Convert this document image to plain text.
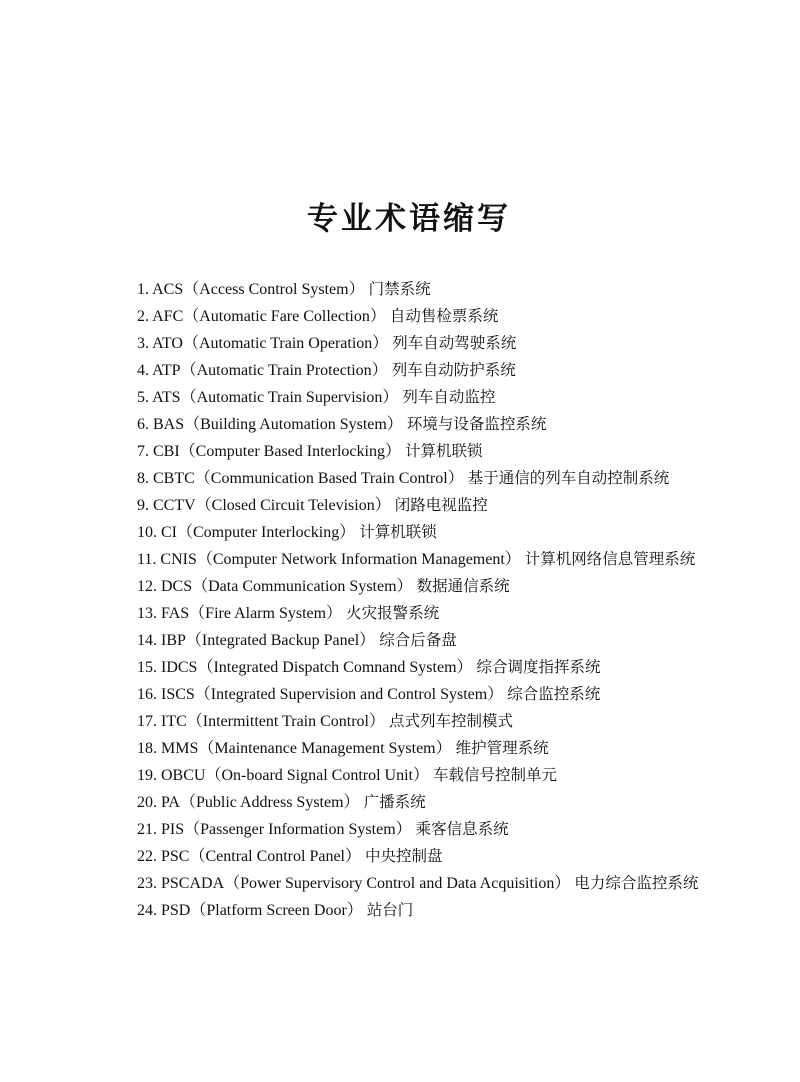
专业术语缩写
1. ACS（Access Control System） 门禁系统
2. AFC（Automatic Fare Collection） 自动售检票系统
3. ATO（Automatic Train Operation） 列车自动驾驶系统
4. ATP（Automatic Train Protection） 列车自动防护系统
5. ATS（Automatic Train Supervision） 列车自动监控
6. BAS（Building Automation System） 环境与设备监控系统
7. CBI（Computer Based Interlocking） 计算机联锁
8. CBTC（Communication Based Train Control） 基于通信的列车自动控制系统
9. CCTV（Closed Circuit Television） 闭路电视监控
10. CI（Computer Interlocking） 计算机联锁
11. CNIS（Computer Network Information Management） 计算机网络信息管理系统
12. DCS（Data Communication System） 数据通信系统
13. FAS（Fire Alarm System） 火灾报警系统
14. IBP（Integrated Backup Panel） 综合后备盘
15. IDCS（Integrated Dispatch Comnand System） 综合调度指挥系统
16. ISCS（Integrated Supervision and Control System） 综合监控系统
17. ITC（Intermittent Train Control） 点式列车控制模式
18. MMS（Maintenance Management System） 维护管理系统
19. OBCU（On-board Signal Control Unit） 车载信号控制单元
20. PA（Public Address System） 广播系统
21. PIS（Passenger Information System） 乘客信息系统
22. PSC（Central Control Panel） 中央控制盘
23. PSCADA（Power Supervisory Control and Data Acquisition） 电力综合监控系统
24. PSD（Platform Screen Door） 站台门
